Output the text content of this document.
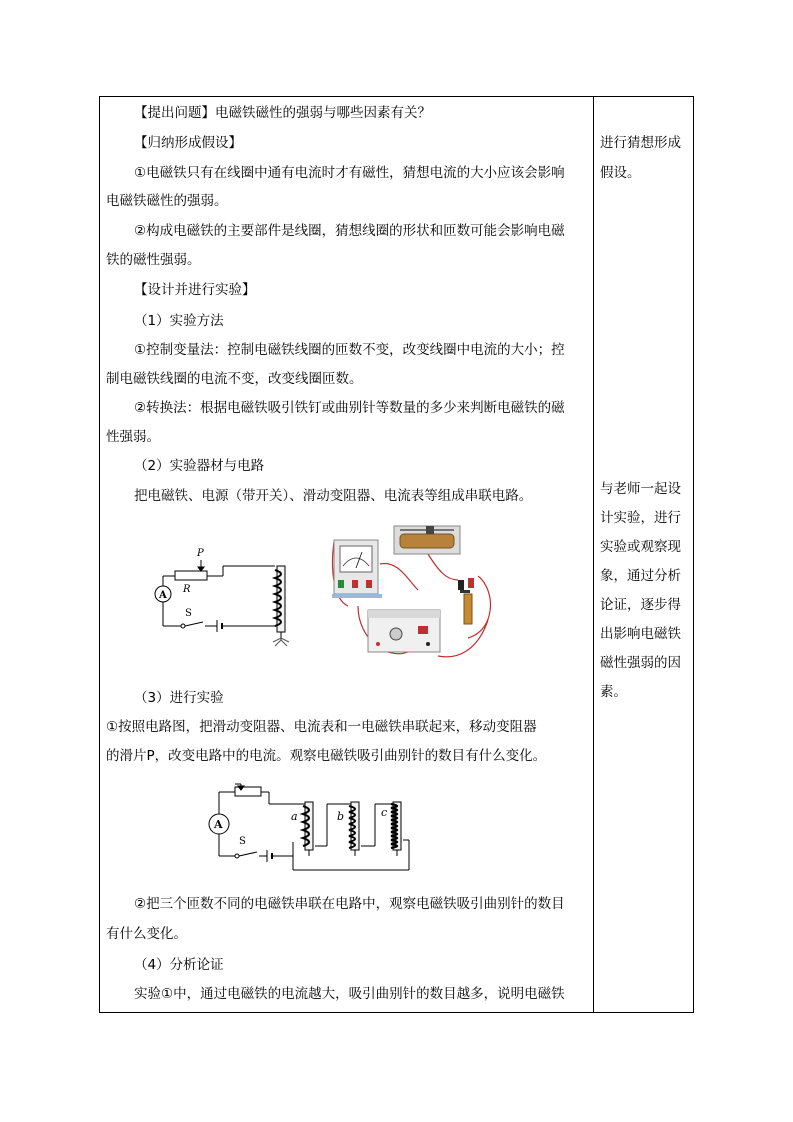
【提出问题】电磁铁磁性的强弱与哪些因素有关？
【归纳形成假设】
①电磁铁只有在线圈中通有电流时才有磁性，猜想电流的大小应该会影响
电磁铁磁性的强弱。
②构成电磁铁的主要部件是线圈，猜想线圈的形状和匝数可能会影响电磁
铁的磁性强弱。
【设计并进行实验】
（1）实验方法
①控制变量法：控制电磁铁线圈的匝数不变，改变线圈中电流的大小；控
制电磁铁线圈的电流不变，改变线圈匝数。
②转换法：根据电磁铁吸引铁钉或曲别针等数量的多少来判断电磁铁的磁
性强弱。
（2）实验器材与电路
把电磁铁、电源（带开关）、滑动变阻器、电流表等组成串联电路。
A
P
R
S
（3）进行实验
①按照电路图，把滑动变阻器、电流表和一电磁铁串联起来，移动变阻器
的滑片P，改变电路中的电流。观察电磁铁吸引曲别针的数目有什么变化。
A
S
a	b	c
②把三个匝数不同的电磁铁串联在电路中，观察电磁铁吸引曲别针的数目
有什么变化。
（4）分析论证
实验①中，通过电磁铁的电流越大，吸引曲别针的数目越多，说明电磁铁
进行猜想形成
假设。
与老师一起设
计实验，进行
实验或观察现
象，通过分析
论证，逐步得
出影响电磁铁
磁性强弱的因
素。
